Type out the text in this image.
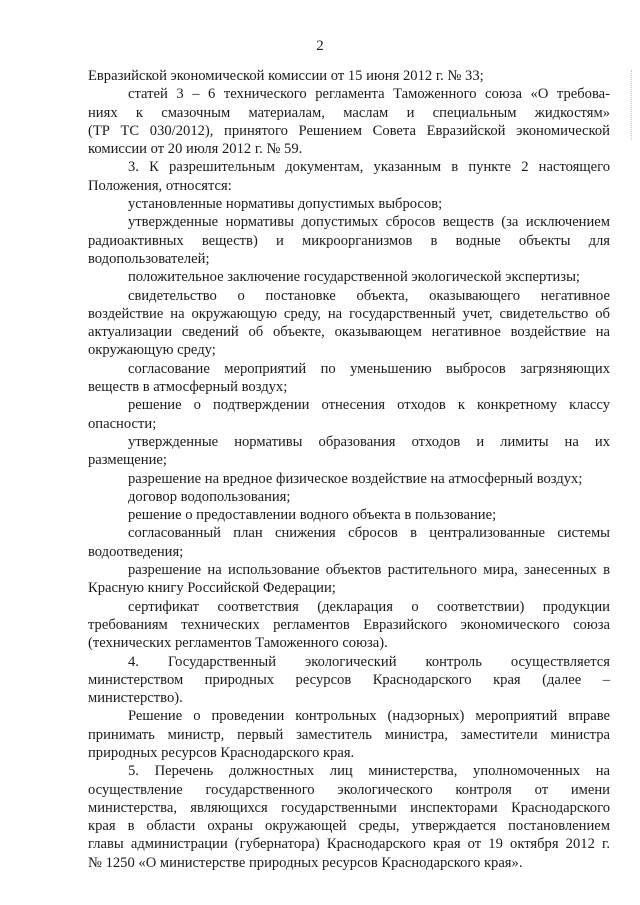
2
Евразийской экономической комиссии от 15 июня 2012 г. № 33;
статей 3 – 6 технического регламента Таможенного союза «О требова-
ниях к смазочным материалам, маслам и специальным жидкостям»
(ТР ТС 030/2012), принятого Решением Совета Евразийской экономической
комиссии от 20 июля 2012 г. № 59.
3. К разрешительным документам, указанным в пункте 2 настоящего
Положения, относятся:
установленные нормативы допустимых выбросов;
утвержденные нормативы допустимых сбросов веществ (за исключением
радиоактивных веществ) и микроорганизмов в водные объекты для
водопользователей;
положительное заключение государственной экологической экспертизы;
свидетельство о постановке объекта, оказывающего негативное
воздействие на окружающую среду, на государственный учет, свидетельство об
актуализации сведений об объекте, оказывающем негативное воздействие на
окружающую среду;
согласование мероприятий по уменьшению выбросов загрязняющих
веществ в атмосферный воздух;
решение о подтверждении отнесения отходов к конкретному классу
опасности;
утвержденные нормативы образования отходов и лимиты на их
размещение;
разрешение на вредное физическое воздействие на атмосферный воздух;
договор водопользования;
решение о предоставлении водного объекта в пользование;
согласованный план снижения сбросов в централизованные системы
водоотведения;
разрешение на использование объектов растительного мира, занесенных в
Красную книгу Российской Федерации;
сертификат соответствия (декларация о соответствии) продукции
требованиям технических регламентов Евразийского экономического союза
(технических регламентов Таможенного союза).
4. Государственный экологический контроль осуществляется
министерством природных ресурсов Краснодарского края (далее –
министерство).
Решение о проведении контрольных (надзорных) мероприятий вправе
принимать министр, первый заместитель министра, заместители министра
природных ресурсов Краснодарского края.
5. Перечень должностных лиц министерства, уполномоченных на
осуществление государственного экологического контроля от имени
министерства, являющихся государственными инспекторами Краснодарского
края в области охраны окружающей среды, утверждается постановлением
главы администрации (губернатора) Краснодарского края от 19 октября 2012 г.
№ 1250 «О министерстве природных ресурсов Краснодарского края».
